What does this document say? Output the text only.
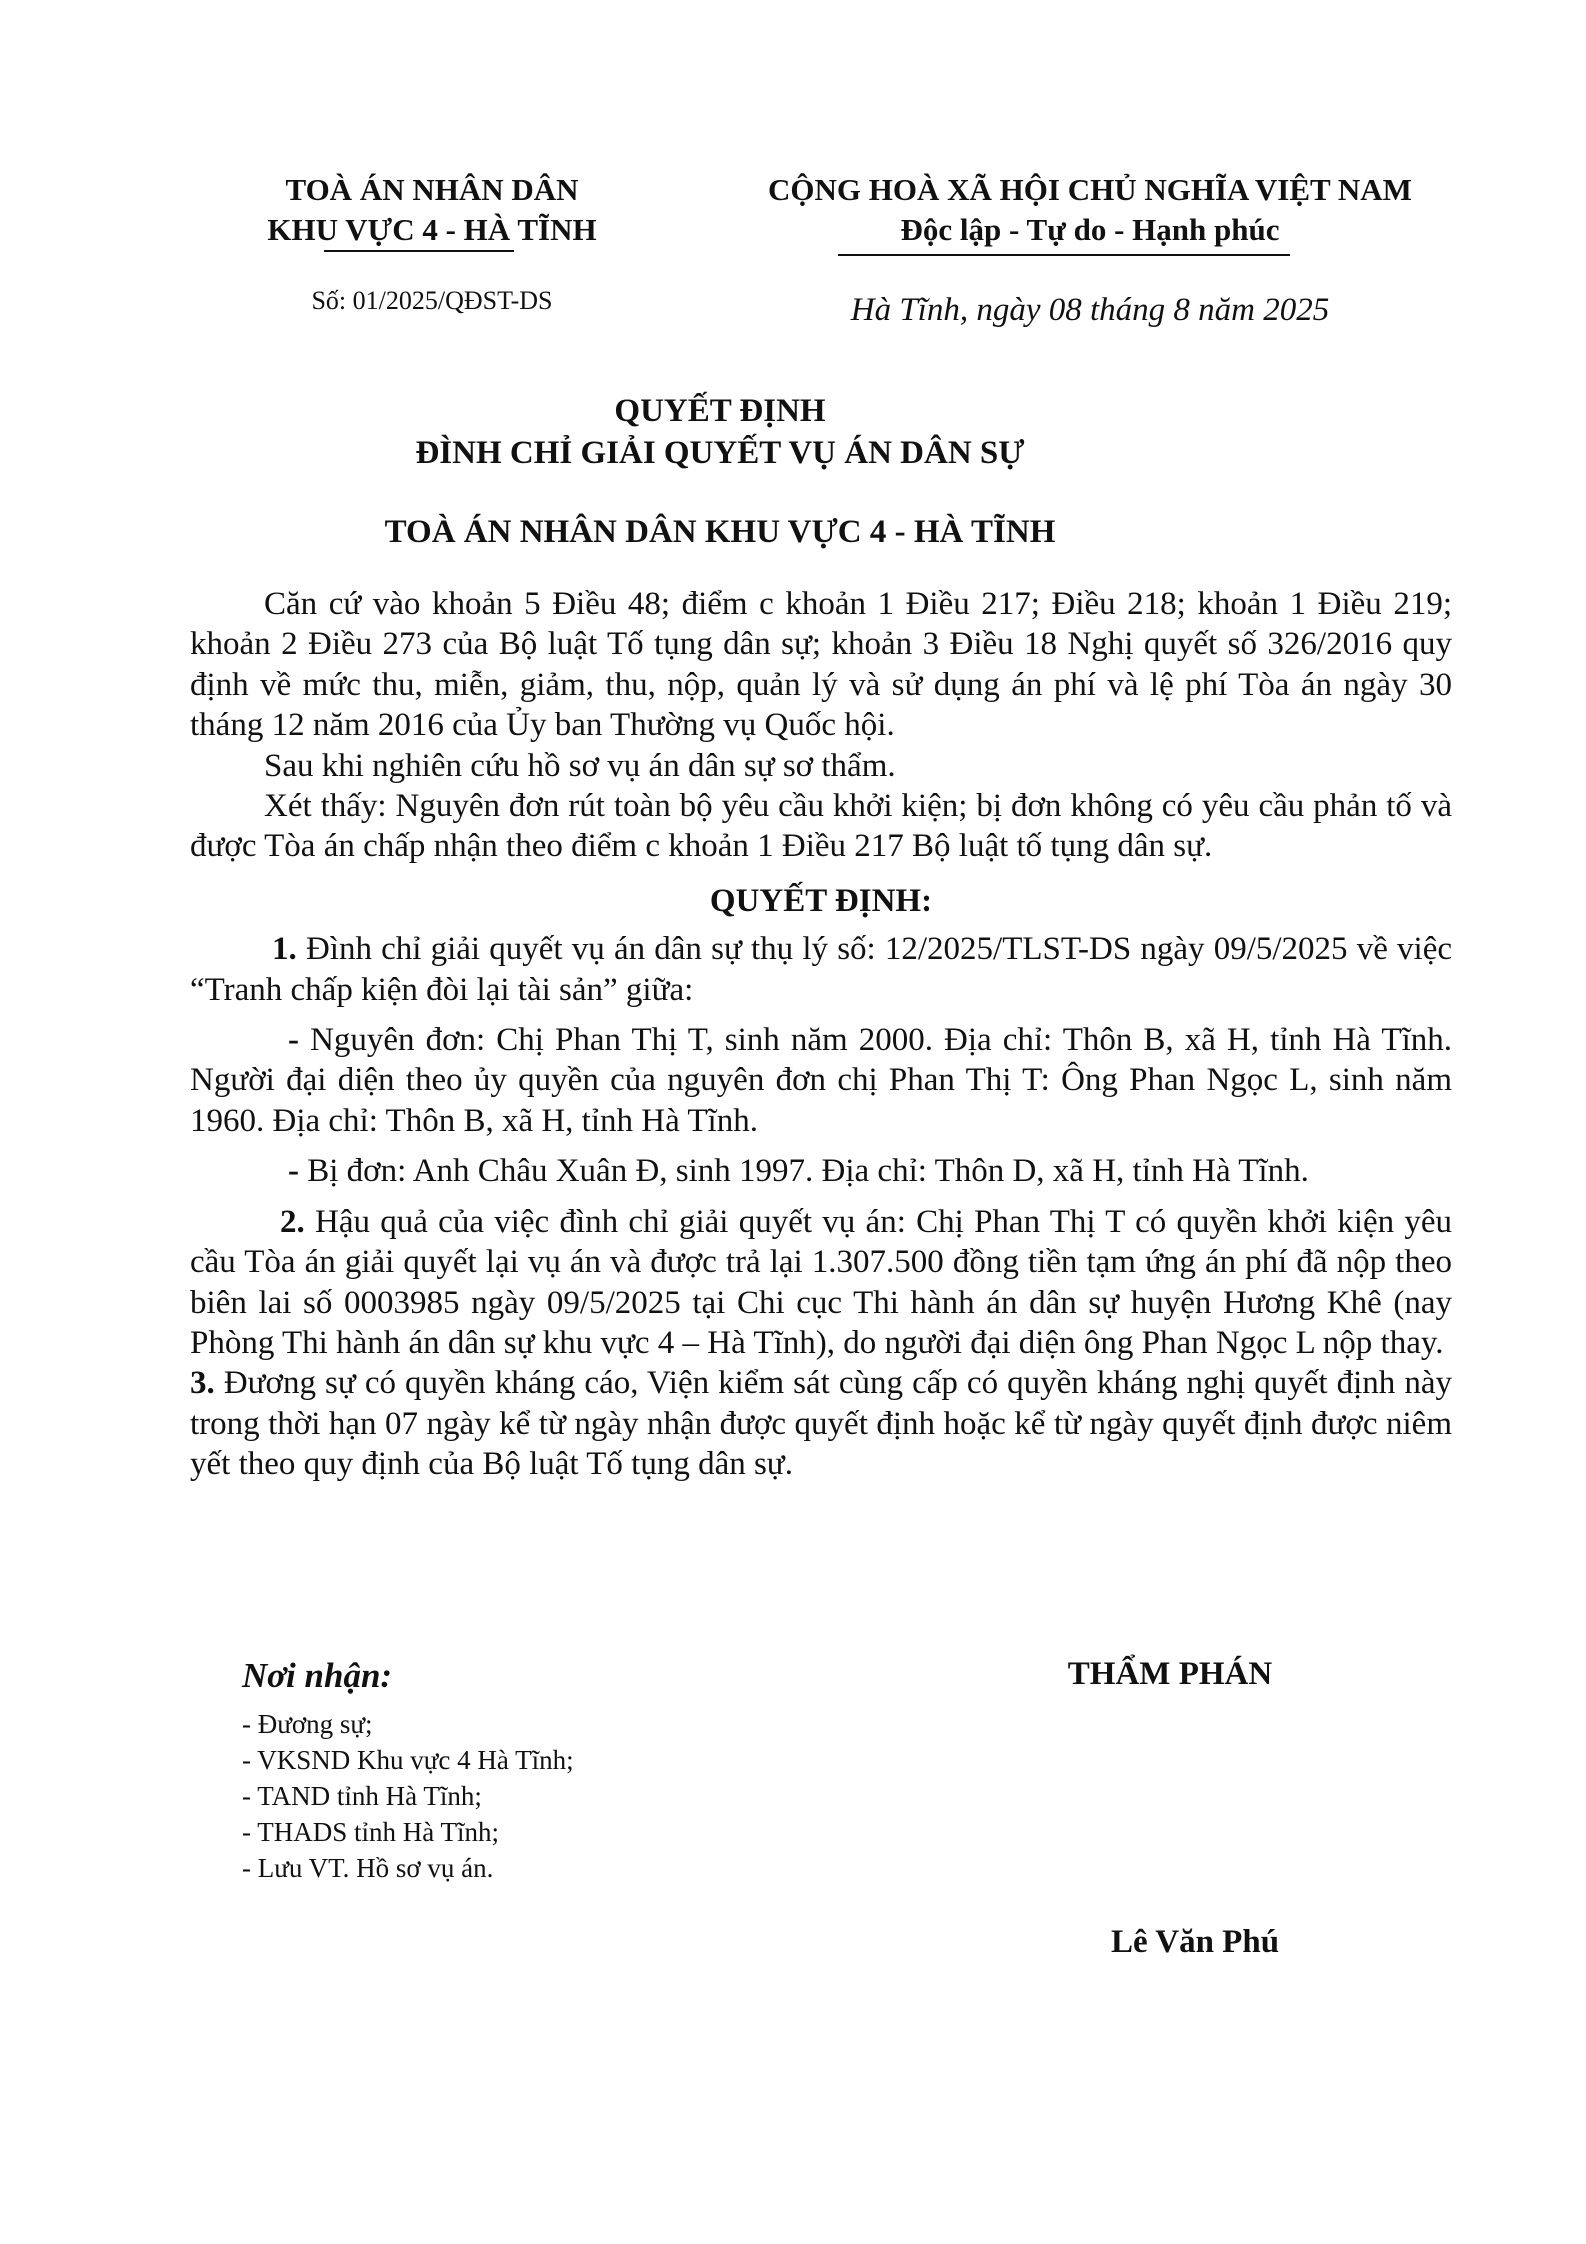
TOÀ ÁN NHÂN DÂN
KHU VỰC 4 - HÀ TĨNH
Số: 01/2025/QĐST-DS
CỘNG HOÀ XÃ HỘI CHỦ NGHĨA VIỆT NAM
Độc lập - Tự do - Hạnh phúc
Hà Tĩnh, ngày 08 tháng 8 năm 2025
QUYẾT ĐỊNH
ĐÌNH CHỈ GIẢI QUYẾT VỤ ÁN DÂN SỰ
TOÀ ÁN NHÂN DÂN KHU VỰC 4 - HÀ TĨNH

Căn cứ vào khoản 5 Điều 48; điểm c khoản 1 Điều 217; Điều 218; khoản 1 Điều 219; khoản 2 Điều 273 của Bộ luật Tố tụng dân sự; khoản 3 Điều 18 Nghị quyết số 326/2016 quy định về mức thu, miễn, giảm, thu, nộp, quản lý và sử dụng án phí và lệ phí Tòa án ngày 30 tháng 12 năm 2016 của Ủy ban Thường vụ Quốc hội.

Sau khi nghiên cứu hồ sơ vụ án dân sự sơ thẩm.

Xét thấy: Nguyên đơn rút toàn bộ yêu cầu khởi kiện; bị đơn không có yêu cầu phản tố và được Tòa án chấp nhận theo điểm c khoản 1 Điều 217 Bộ luật tố tụng dân sự.

QUYẾT ĐỊNH:

1. Đình chỉ giải quyết vụ án dân sự thụ lý số: 12/2025/TLST-DS ngày 09/5/2025 về việc “Tranh chấp kiện đòi lại tài sản” giữa:

- Nguyên đơn: Chị Phan Thị T, sinh năm 2000. Địa chỉ: Thôn B, xã H, tỉnh Hà Tĩnh. Người đại diện theo ủy quyền của nguyên đơn chị Phan Thị T: Ông Phan Ngọc L, sinh năm 1960. Địa chỉ: Thôn B, xã H, tỉnh Hà Tĩnh.

- Bị đơn: Anh Châu Xuân Đ, sinh 1997. Địa chỉ: Thôn D, xã H, tỉnh Hà Tĩnh.

2. Hậu quả của việc đình chỉ giải quyết vụ án: Chị Phan Thị T có quyền khởi kiện yêu cầu Tòa án giải quyết lại vụ án và được trả lại 1.307.500 đồng tiền tạm ứng án phí đã nộp theo biên lai số 0003985 ngày 09/5/2025 tại Chi cục Thi hành án dân sự huyện Hương Khê (nay Phòng Thi hành án dân sự khu vực 4 – Hà Tĩnh), do người đại diện ông Phan Ngọc L nộp thay.

3. Đương sự có quyền kháng cáo, Viện kiểm sát cùng cấp có quyền kháng nghị quyết định này trong thời hạn 07 ngày kể từ ngày nhận được quyết định hoặc kể từ ngày quyết định được niêm yết theo quy định của Bộ luật Tố tụng dân sự.

Nơi nhận:
- Đương sự;
- VKSND Khu vực 4 Hà Tĩnh;
- TAND tỉnh Hà Tĩnh;
- THADS tỉnh Hà Tĩnh;
- Lưu VT. Hồ sơ vụ án.
THẨM PHÁN
Lê Văn Phú
